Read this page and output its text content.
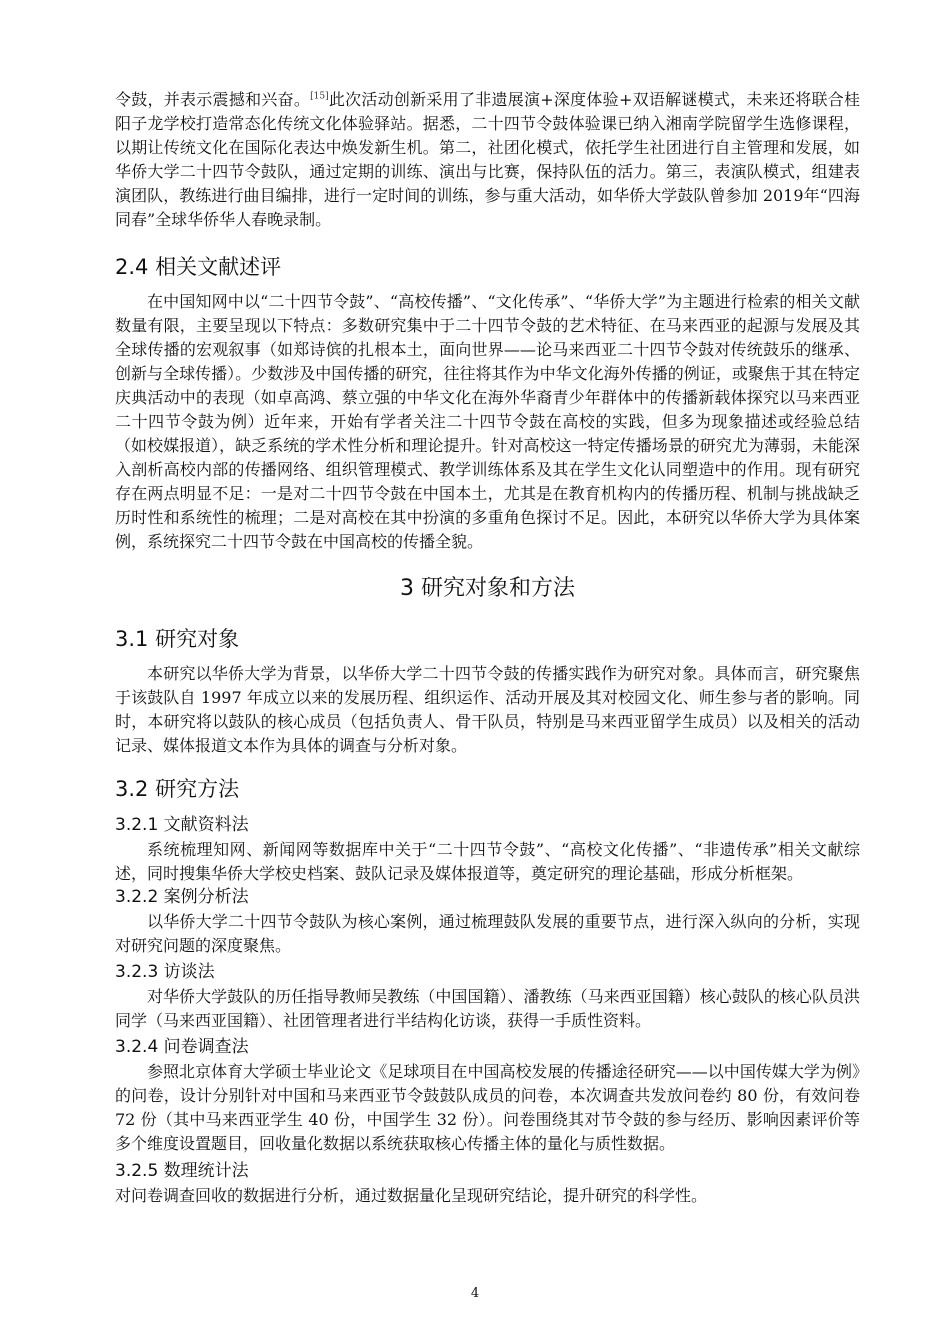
令鼓，并表示震撼和兴奋。[15]此次活动创新采用了非遗展演+深度体验+双语解谜模式，未来还将联合桂阳子龙学校打造常态化传统文化体验驿站。据悉，二十四节令鼓体验课已纳入湘南学院留学生选修课程，以期让传统文化在国际化表达中焕发新生机。第二，社团化模式，依托学生社团进行自主管理和发展，如华侨大学二十四节令鼓队，通过定期的训练、演出与比赛，保持队伍的活力。第三，表演队模式，组建表演团队，教练进行曲目编排，进行一定时间的训练，参与重大活动，如华侨大学鼓队曾参加 2019年“四海同春”全球华侨华人春晚录制。

2.4 相关文献述评

在中国知网中以“二十四节令鼓”、“高校传播”、“文化传承”、“华侨大学”为主题进行检索的相关文献数量有限，主要呈现以下特点：多数研究集中于二十四节令鼓的艺术特征、在马来西亚的起源与发展及其全球传播的宏观叙事（如郑诗傧的扎根本土，面向世界——论马来西亚二十四节令鼓对传统鼓乐的继承、创新与全球传播）。少数涉及中国传播的研究，往往将其作为中华文化海外传播的例证，或聚焦于其在特定庆典活动中的表现（如卓高鸿、蔡立强的中华文化在海外华裔青少年群体中的传播新载体探究以马来西亚二十四节令鼓为例）近年来，开始有学者关注二十四节令鼓在高校的实践，但多为现象描述或经验总结（如校媒报道），缺乏系统的学术性分析和理论提升。针对高校这一特定传播场景的研究尤为薄弱，未能深入剖析高校内部的传播网络、组织管理模式、教学训练体系及其在学生文化认同塑造中的作用。现有研究存在两点明显不足：一是对二十四节令鼓在中国本土，尤其是在教育机构内的传播历程、机制与挑战缺乏历时性和系统性的梳理；二是对高校在其中扮演的多重角色探讨不足。因此，本研究以华侨大学为具体案例，系统探究二十四节令鼓在中国高校的传播全貌。

3 研究对象和方法
3.1 研究对象

本研究以华侨大学为背景，以华侨大学二十四节令鼓的传播实践作为研究对象。具体而言，研究聚焦于该鼓队自 1997 年成立以来的发展历程、组织运作、活动开展及其对校园文化、师生参与者的影响。同时，本研究将以鼓队的核心成员（包括负责人、骨干队员，特别是马来西亚留学生成员）以及相关的活动记录、媒体报道文本作为具体的调查与分析对象。

3.2 研究方法
3.2.1 文献资料法

系统梳理知网、新闻网等数据库中关于“二十四节令鼓”、“高校文化传播”、“非遗传承”相关文献综述，同时搜集华侨大学校史档案、鼓队记录及媒体报道等，奠定研究的理论基础，形成分析框架。

3.2.2 案例分析法

以华侨大学二十四节令鼓队为核心案例，通过梳理鼓队发展的重要节点，进行深入纵向的分析，实现对研究问题的深度聚焦。

3.2.3 访谈法

对华侨大学鼓队的历任指导教师吴教练（中国国籍）、潘教练（马来西亚国籍）核心鼓队的核心队员洪同学（马来西亚国籍）、社团管理者进行半结构化访谈，获得一手质性资料。

3.2.4 问卷调查法

参照北京体育大学硕士毕业论文《足球项目在中国高校发展的传播途径研究——以中国传媒大学为例》的问卷，设计分别针对中国和马来西亚节令鼓鼓队成员的问卷，本次调查共发放问卷约 80 份，有效问卷 72 份（其中马来西亚学生 40 份，中国学生 32 份）。问卷围绕其对节令鼓的参与经历、影响因素评价等多个维度设置题目，回收量化数据以系统获取核心传播主体的量化与质性数据。

3.2.5 数理统计法

对问卷调查回收的数据进行分析，通过数据量化呈现研究结论，提升研究的科学性。

4
